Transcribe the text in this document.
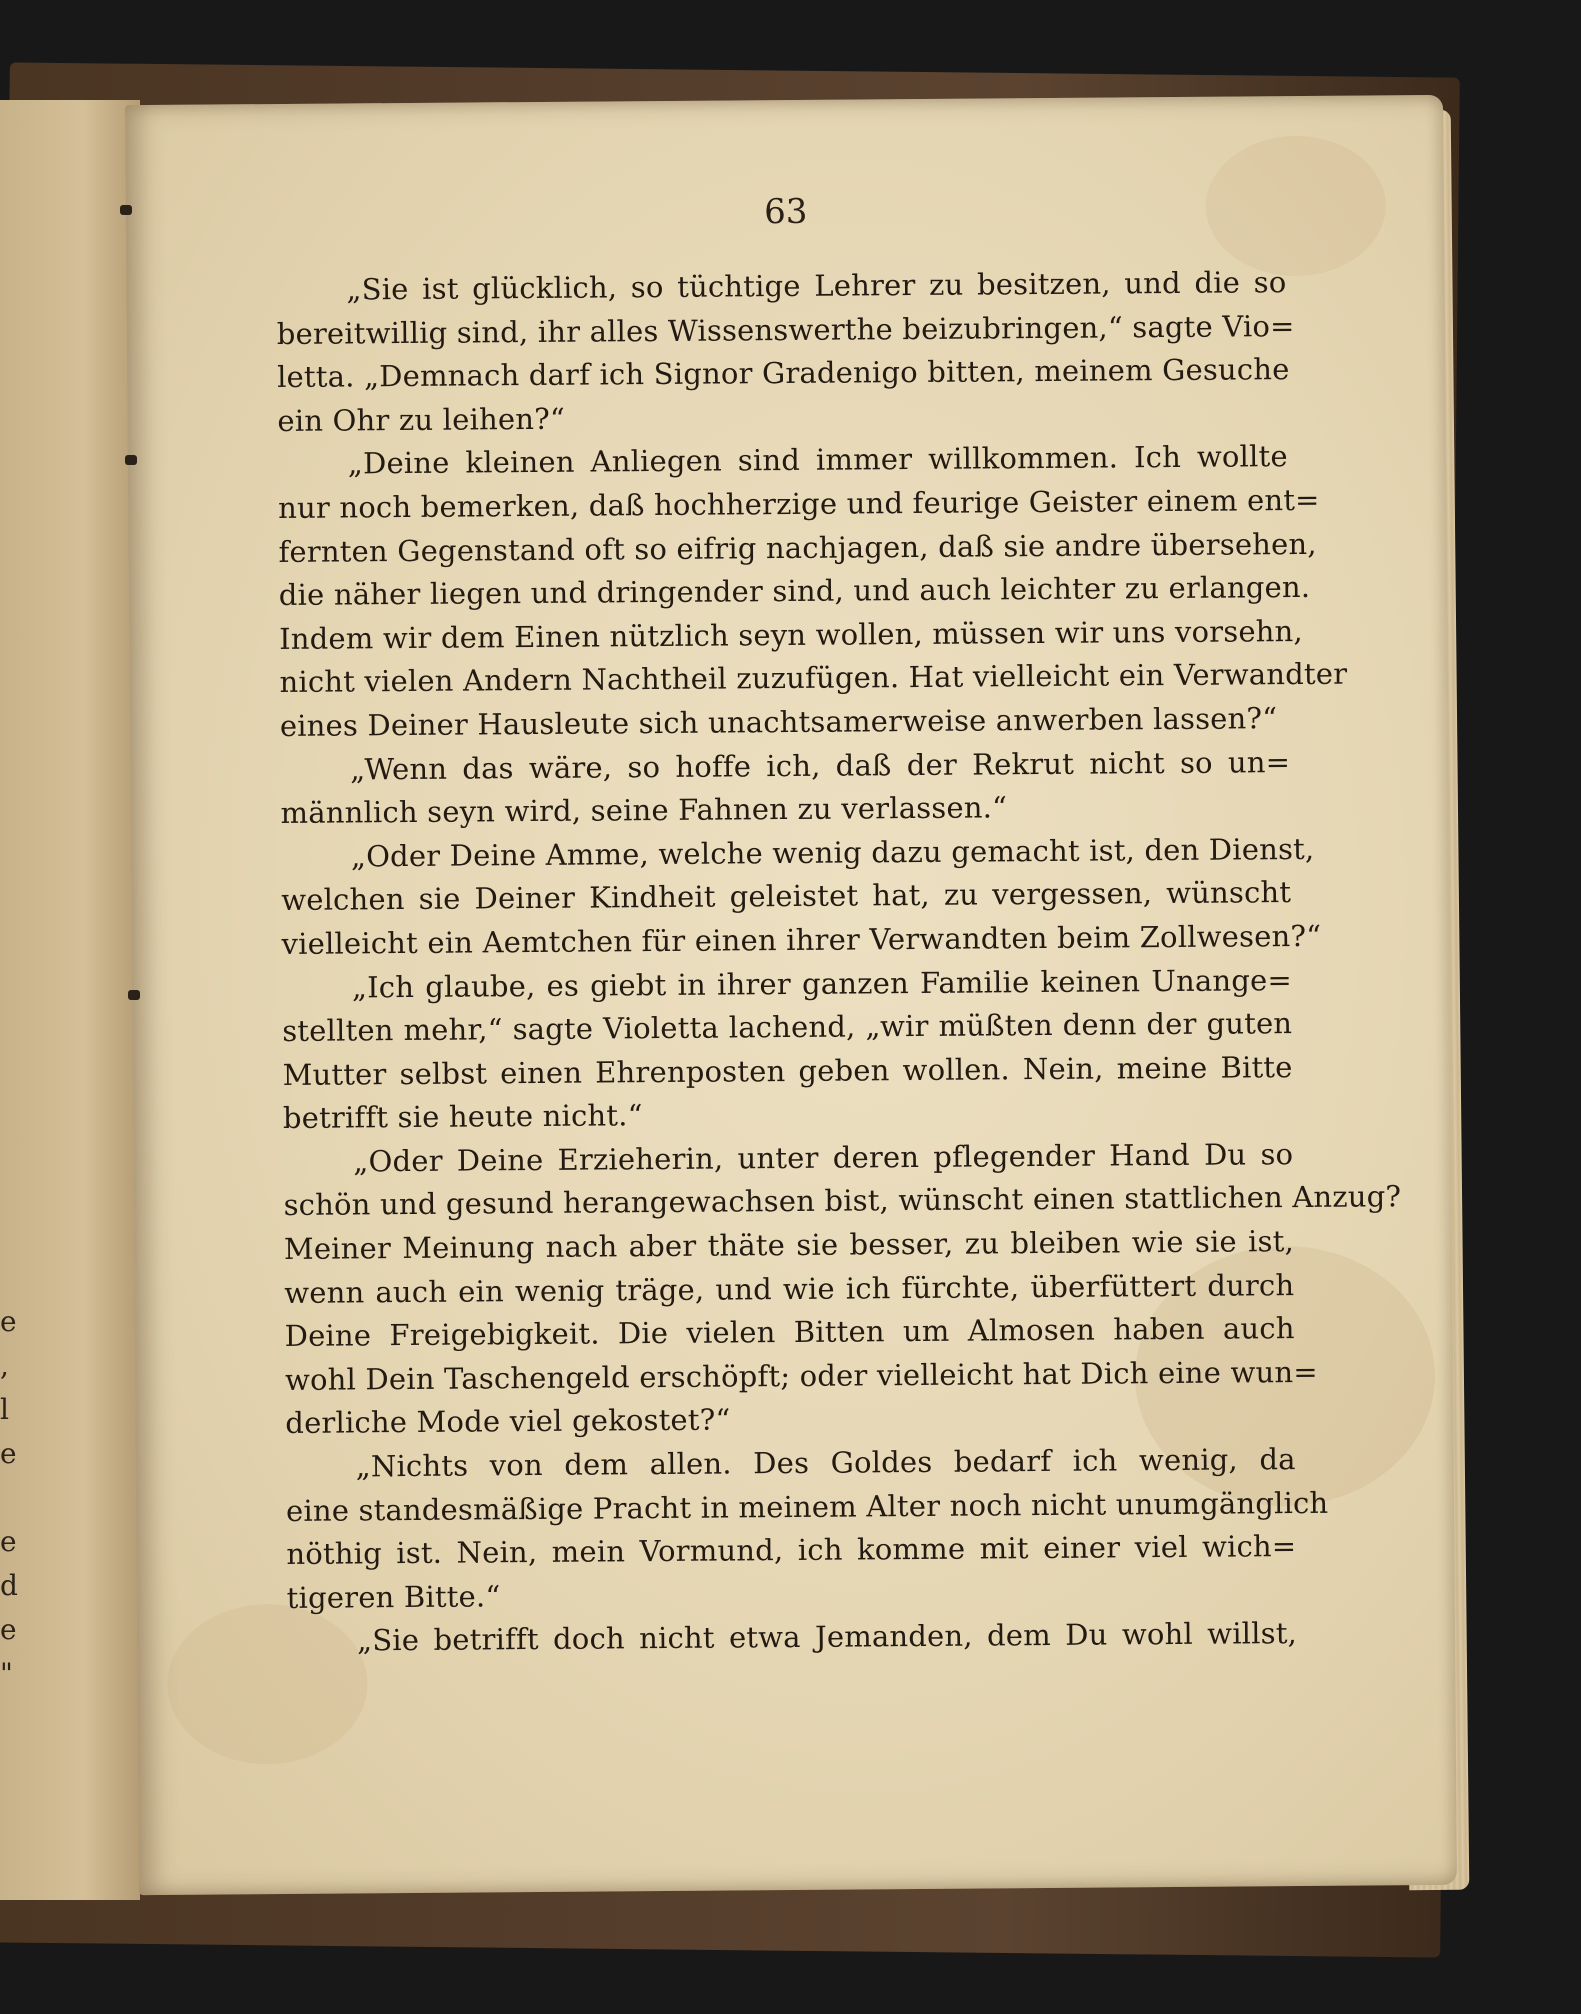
e
,
l
e
e
d
e
"
63
„Sie ist glücklich, so tüchtige Lehrer zu besitzen, und die so
bereitwillig sind, ihr alles Wissenswerthe beizubringen,“ sagte Vio=
letta. „Demnach darf ich Signor Gradenigo bitten, meinem Gesuche
ein Ohr zu leihen?“
„Deine kleinen Anliegen sind immer willkommen. Ich wollte
nur noch bemerken, daß hochherzige und feurige Geister einem ent=
fernten Gegenstand oft so eifrig nachjagen, daß sie andre übersehen,
die näher liegen und dringender sind, und auch leichter zu erlangen.
Indem wir dem Einen nützlich seyn wollen, müssen wir uns vorsehn,
nicht vielen Andern Nachtheil zuzufügen. Hat vielleicht ein Verwandter
eines Deiner Hausleute sich unachtsamerweise anwerben lassen?“
„Wenn das wäre, so hoffe ich, daß der Rekrut nicht so un=
männlich seyn wird, seine Fahnen zu verlassen.“
„Oder Deine Amme, welche wenig dazu gemacht ist, den Dienst,
welchen sie Deiner Kindheit geleistet hat, zu vergessen, wünscht
vielleicht ein Aemtchen für einen ihrer Verwandten beim Zollwesen?“
„Ich glaube, es giebt in ihrer ganzen Familie keinen Unange=
stellten mehr,“ sagte Violetta lachend, „wir müßten denn der guten
Mutter selbst einen Ehrenposten geben wollen. Nein, meine Bitte
betrifft sie heute nicht.“
„Oder Deine Erzieherin, unter deren pflegender Hand Du so
schön und gesund herangewachsen bist, wünscht einen stattlichen Anzug?
Meiner Meinung nach aber thäte sie besser, zu bleiben wie sie ist,
wenn auch ein wenig träge, und wie ich fürchte, überfüttert durch
Deine Freigebigkeit. Die vielen Bitten um Almosen haben auch
wohl Dein Taschengeld erschöpft; oder vielleicht hat Dich eine wun=
derliche Mode viel gekostet?“
„Nichts von dem allen. Des Goldes bedarf ich wenig, da
eine standesmäßige Pracht in meinem Alter noch nicht unumgänglich
nöthig ist. Nein, mein Vormund, ich komme mit einer viel wich=
tigeren Bitte.“
„Sie betrifft doch nicht etwa Jemanden, dem Du wohl willst,
